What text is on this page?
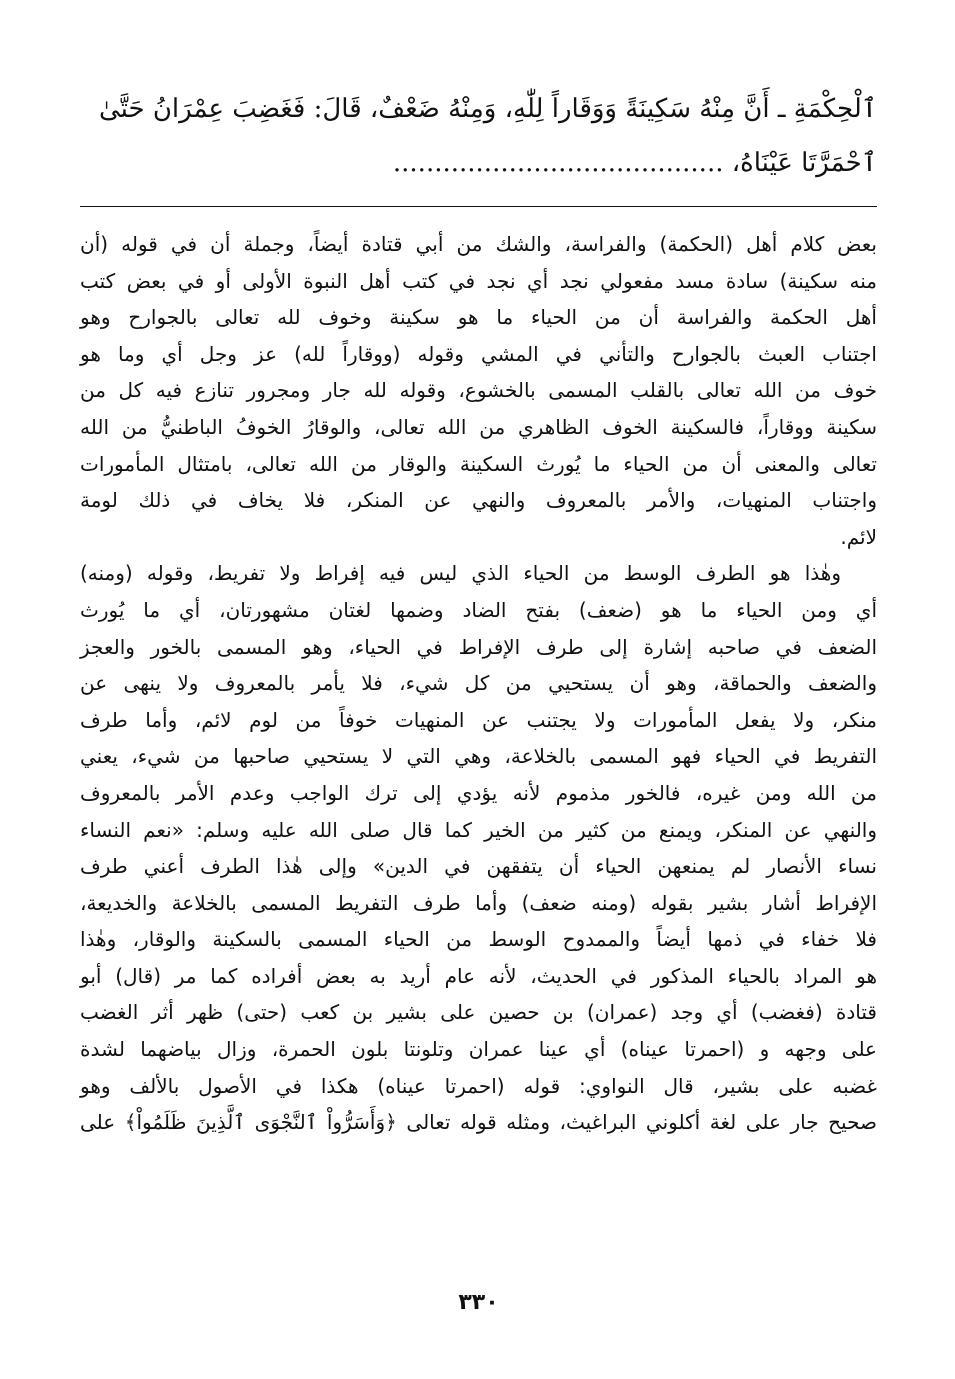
ٱلْحِكْمَةِ ـ أَنَّ مِنْهُ سَكِينَةً وَوَقَاراً لِلّٰهِ، وَمِنْهُ ضَعْفٌ، قَالَ: فَغَضِبَ عِمْرَانُ حَتَّىٰ
ٱحْمَرَّتَا عَيْنَاهُ، ........................................
بعض كلام أهل (الحكمة) والفراسة، والشك من أبي قتادة أيضاً، وجملة أن في قوله (أن
منه سكينة) سادة مسد مفعولي نجد أي نجد في كتب أهل النبوة الأولى أو في بعض كتب
أهل الحكمة والفراسة أن من الحياء ما هو سكينة وخوف لله تعالى بالجوارح وهو
اجتناب العبث بالجوارح والتأني في المشي وقوله (ووقاراً لله) عز وجل أي وما هو
خوف من الله تعالى بالقلب المسمى بالخشوع، وقوله لله جار ومجرور تنازع فيه كل من
سكينة ووقاراً، فالسكينة الخوف الظاهري من الله تعالى، والوقارُ الخوفُ الباطنيُّ من الله
تعالى والمعنى أن من الحياء ما يُورث السكينة والوقار من الله تعالى، بامتثال المأمورات
واجتناب المنهيات، والأمر بالمعروف والنهي عن المنكر، فلا يخاف في ذلك لومة
لائم.
وهٰذا هو الطرف الوسط من الحياء الذي ليس فيه إفراط ولا تفريط، وقوله (ومنه)
أي ومن الحياء ما هو (ضعف) بفتح الضاد وضمها لغتان مشهورتان، أي ما يُورث
الضعف في صاحبه إشارة إلى طرف الإفراط في الحياء، وهو المسمى بالخور والعجز
والضعف والحماقة، وهو أن يستحيي من كل شيء، فلا يأمر بالمعروف ولا ينهى عن
منكر، ولا يفعل المأمورات ولا يجتنب عن المنهيات خوفاً من لوم لائم، وأما طرف
التفريط في الحياء فهو المسمى بالخلاعة، وهي التي لا يستحيي صاحبها من شيء، يعني
من الله ومن غيره، فالخور مذموم لأنه يؤدي إلى ترك الواجب وعدم الأمر بالمعروف
والنهي عن المنكر، ويمنع من كثير من الخير كما قال صلى الله عليه وسلم: «نعم النساء
نساء الأنصار لم يمنعهن الحياء أن يتفقهن في الدين» وإلى هٰذا الطرف أعني طرف
الإفراط أشار بشير بقوله (ومنه ضعف) وأما طرف التفريط المسمى بالخلاعة والخديعة،
فلا خفاء في ذمها أيضاً والممدوح الوسط من الحياء المسمى بالسكينة والوقار، وهٰذا
هو المراد بالحياء المذكور في الحديث، لأنه عام أريد به بعض أفراده كما مر (قال) أبو
قتادة (فغضب) أي وجد (عمران) بن حصين على بشير بن كعب (حتى) ظهر أثر الغضب
على وجهه و (احمرتا عيناه) أي عينا عمران وتلونتا بلون الحمرة، وزال بياضهما لشدة
غضبه على بشير، قال النواوي: قوله (احمرتا عيناه) هكذا في الأصول بالألف وهو
صحيح جار على لغة أكلوني البراغيث، ومثله قوله تعالى ﴿وَأَسَرُّواْ ٱلنَّجْوَى ٱلَّذِينَ ظَلَمُواْ﴾ على
٣٣٠
